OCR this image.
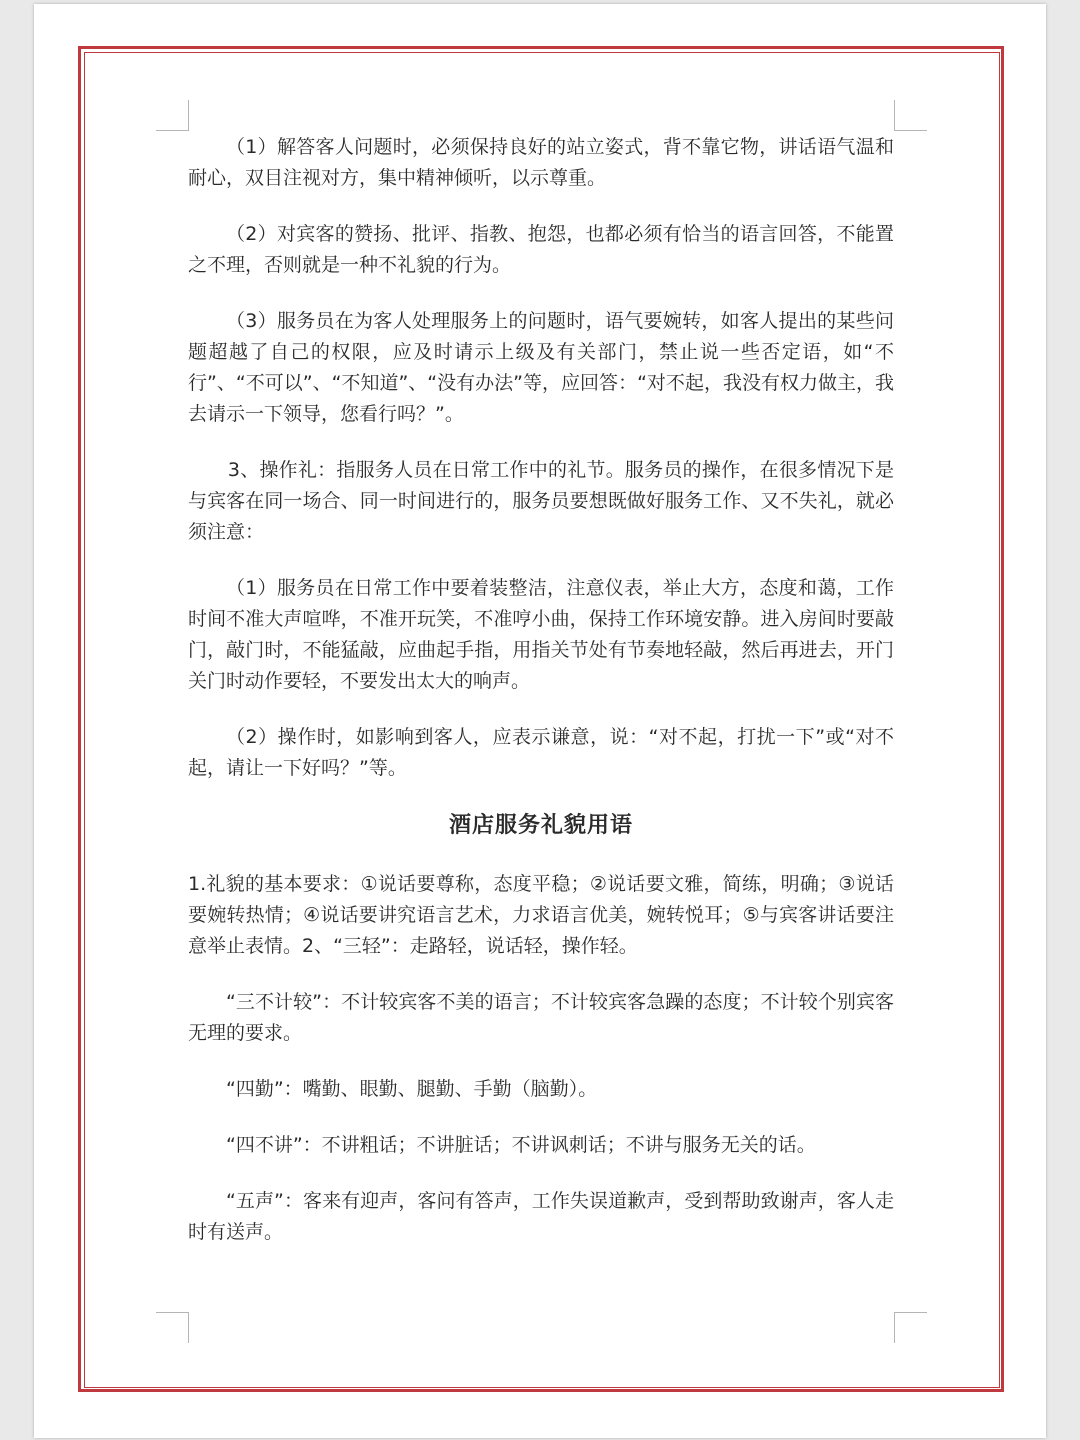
（1）解答客人问题时，必须保持良好的站立姿式，背不靠它物，讲话语气温和耐心，双目注视对方，集中精神倾听，以示尊重。

（2）对宾客的赞扬、批评、指教、抱怨，也都必须有恰当的语言回答，不能置之不理，否则就是一种不礼貌的行为。

（3）服务员在为客人处理服务上的问题时，语气要婉转，如客人提出的某些问题超越了自己的权限，应及时请示上级及有关部门，禁止说一些否定语，如“不行”、“不可以”、“不知道”、“没有办法”等，应回答：“对不起，我没有权力做主，我去请示一下领导，您看行吗？”。

3、操作礼：指服务人员在日常工作中的礼节。服务员的操作，在很多情况下是与宾客在同一场合、同一时间进行的，服务员要想既做好服务工作、又不失礼，就必须注意：

（1）服务员在日常工作中要着装整洁，注意仪表，举止大方，态度和蔼，工作时间不准大声喧哗，不准开玩笑，不准哼小曲，保持工作环境安静。进入房间时要敲门，敲门时，不能猛敲，应曲起手指，用指关节处有节奏地轻敲，然后再进去，开门关门时动作要轻，不要发出太大的响声。

（2）操作时，如影响到客人，应表示谦意，说：“对不起，打扰一下”或“对不起，请让一下好吗？”等。

酒店服务礼貌用语

1.礼貌的基本要求：①说话要尊称，态度平稳；②说话要文雅，简练，明确；③说话要婉转热情；④说话要讲究语言艺术，力求语言优美，婉转悦耳；⑤与宾客讲话要注意举止表情。2、“三轻”：走路轻，说话轻，操作轻。

“三不计较”：不计较宾客不美的语言；不计较宾客急躁的态度；不计较个别宾客无理的要求。

“四勤”：嘴勤、眼勤、腿勤、手勤（脑勤）。

“四不讲”：不讲粗话；不讲脏话；不讲讽刺话；不讲与服务无关的话。

“五声”：客来有迎声，客问有答声，工作失误道歉声，受到帮助致谢声，客人走时有送声。
